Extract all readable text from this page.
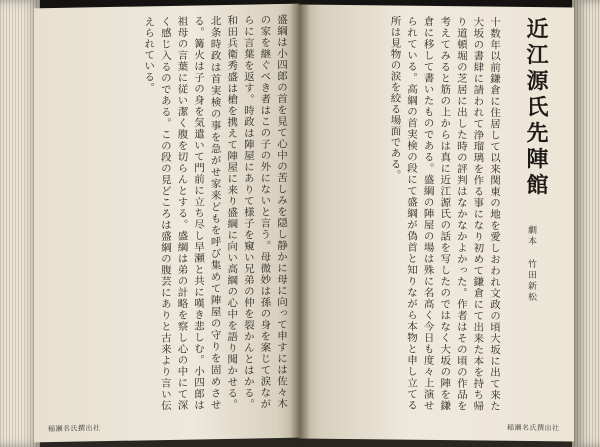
盛綱は小四郎の首を見て心中の苦しみを隠し静かに母に向って申すには佐々木の家を継ぐべき者はこの子の外にないと言う。母微妙は孫の身を案じて涙ながらに言葉を返す。時政は陣屋にありて様子を窺い兄弟の仲を裂かんとはかる。和田兵衛秀盛は槍を携えて陣屋に来り盛綱に向い高綱の心中を語り聞かせる。北条時政は首実検の事を急がせ家来どもを呼び集めて陣屋の守りを固めさせる。篝火は子の身を気遣いて門前に立ち尽し早瀬と共に嘆き悲しむ。小四郎は祖母の言葉に従い潔く腹を切らんとする。盛綱は弟の計略を察し心の中にて深く感じ入るのである。この段の見どころは盛綱の腹芸にありと古来より言い伝えられている。
稲瀬名氏撰出社
近江源氏先陣館
劇本 竹田新松
十数年以前鎌倉に住居して以来関東の地を愛しおわれ文政の頃大坂に出て来た大坂の書肆に請われて浄瑠璃を作る事になり初めて鎌倉にて出来た本を持ち帰り道頓堀の芝居に出した時の評判はなかなかよかった。作者はその頃の作品を考えてみると筋の上からは真に近江源氏の話を写したのではなく大坂の陣を鎌倉に移して書いたものである。盛綱の陣屋の場は殊に名高く今日も度々上演せられている。高綱の首実検の段にて盛綱が偽首と知りながら本物と申し立てる所は見物の涙を絞る場面である。
稲瀬名氏撰出社
